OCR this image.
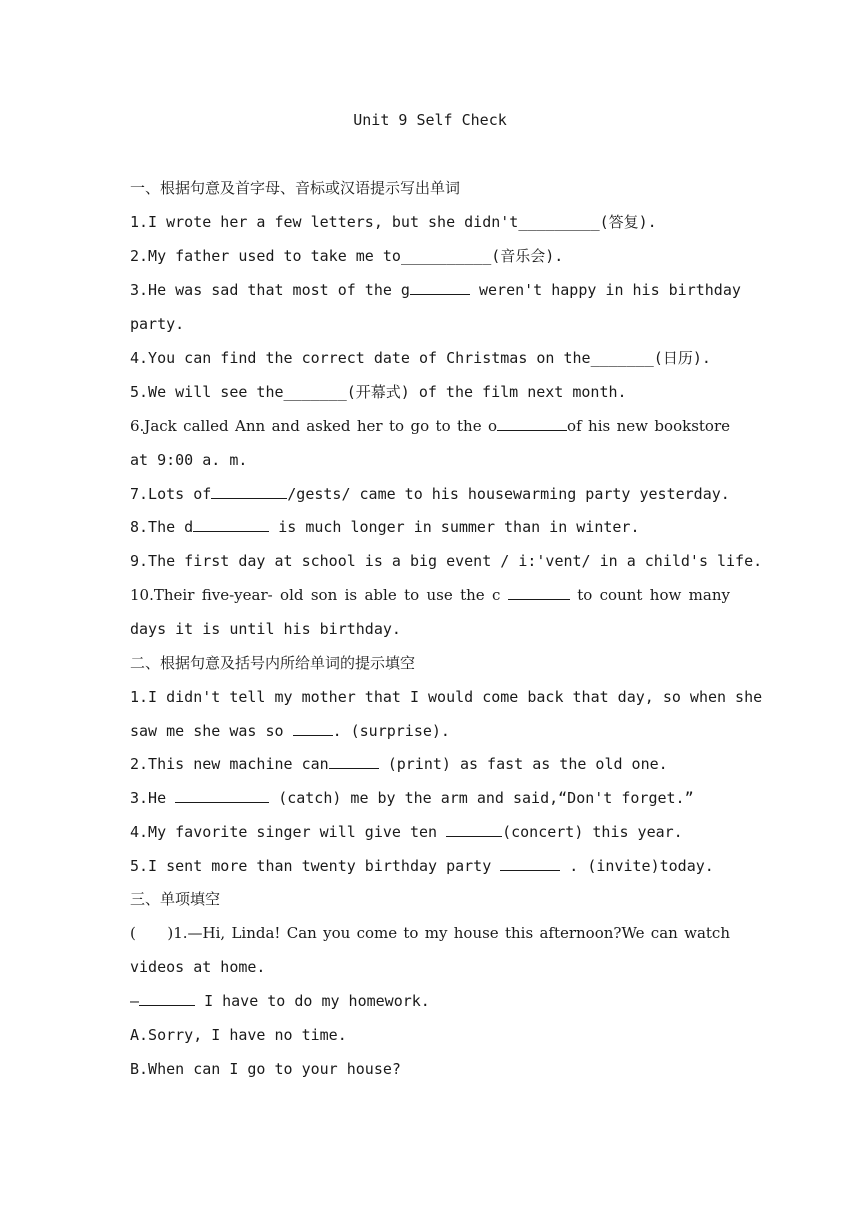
Unit 9 Self Check
一、根据句意及首字母、音标或汉语提示写出单词
1.I wrote her a few letters, but she didn't_________(答复).
2.My father used to take me to__________(音乐会).
3.He was sad that most of the g	weren't happy in his birthday
party.
4.You can find the correct date of Christmas on the_______(日历).
5.We will see the_______(开幕式) of the film next month.
6.Jack called Ann and asked her to go to the o	of his new bookstore
at 9:00 a. m.
7.Lots of	/gests/ came to his housewarming party yesterday.
8.The d	is much longer in summer than in winter.
9.The first day at school is a big event / i:'vent/ in a child's life.
10.Their five-year- old son is able to use the c	to count how many
days it is until his birthday.
二、根据句意及括号内所给单词的提示填空
1.I didn't tell my mother that I would come back that day, so when she
saw me she was so	. (surprise).
2.This new machine can	(print) as fast as the old one.
3.He	(catch) me by the arm and said,“Don't forget.”
4.My favorite singer will give ten	(concert) this year.
5.I sent more than twenty birthday party	. (invite)today.
三、单项填空
(     )1.—Hi, Linda! Can you come to my house this afternoon?We can watch
videos at home.
—	I have to do my homework.
A.Sorry, I have no time.
B.When can I go to your house?
